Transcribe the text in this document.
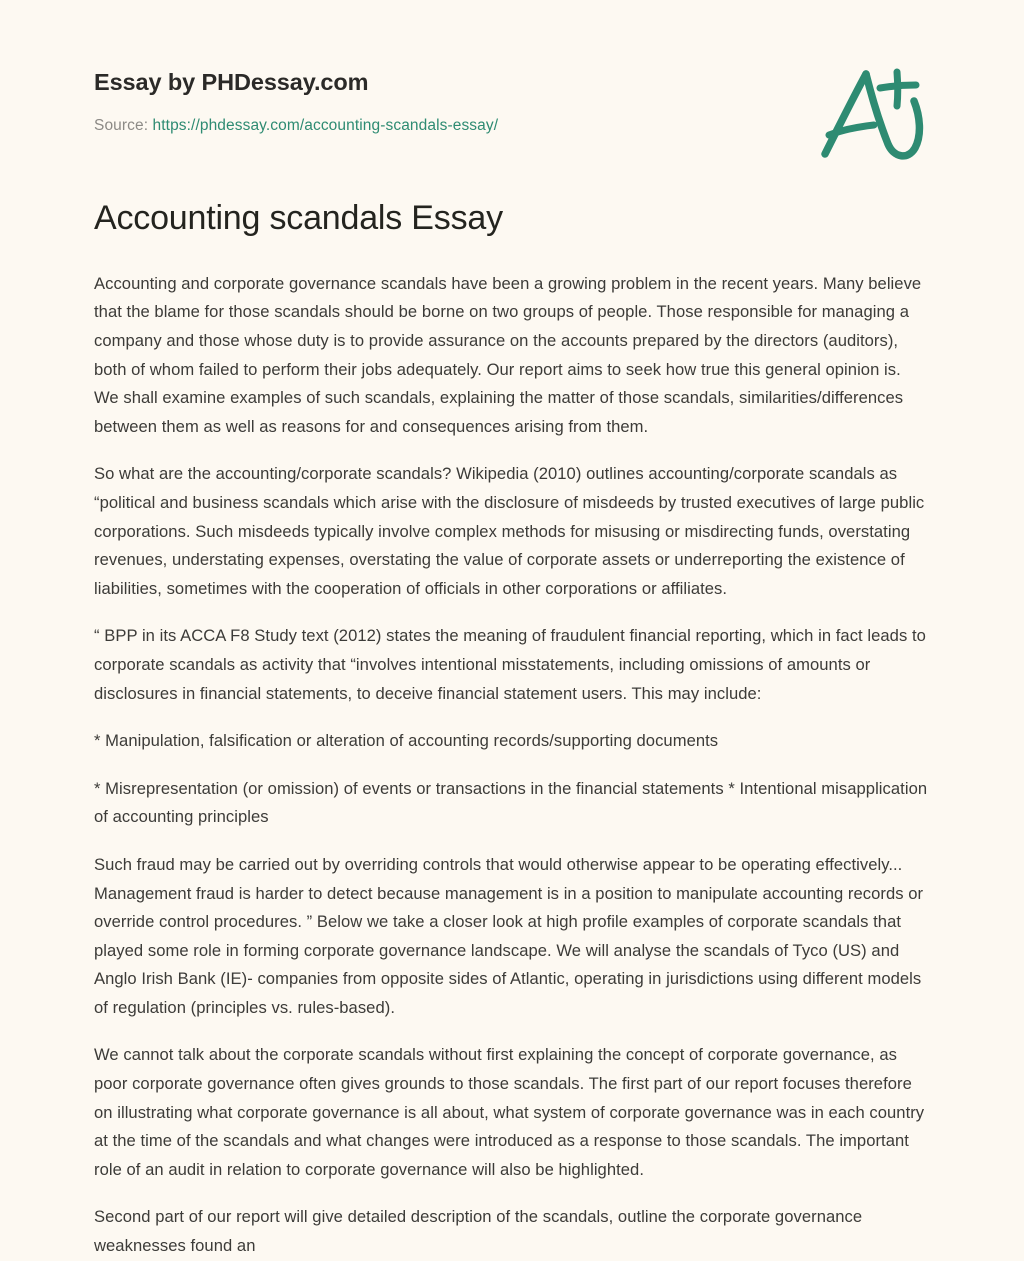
Essay by PHDessay.com
Source: https://phdessay.com/accounting-scandals-essay/
Accounting scandals Essay

Accounting and corporate governance scandals have been a growing problem in the recent years. Many believe that the blame for those scandals should be borne on two groups of people. Those responsible for managing a company and those whose duty is to provide assurance on the accounts prepared by the directors (auditors), both of whom failed to perform their jobs adequately. Our report aims to seek how true this general opinion is. We shall examine examples of such scandals, explaining the matter of those scandals, similarities/differences between them as well as reasons for and consequences arising from them.

So what are the accounting/corporate scandals? Wikipedia (2010) outlines accounting/corporate scandals as “political and business scandals which arise with the disclosure of misdeeds by trusted executives of large public corporations. Such misdeeds typically involve complex methods for misusing or misdirecting funds, overstating revenues, understating expenses, overstating the value of corporate assets or underreporting the existence of liabilities, sometimes with the cooperation of officials in other corporations or affiliates.

“ BPP in its ACCA F8 Study text (2012) states the meaning of fraudulent financial reporting, which in fact leads to corporate scandals as activity that “involves intentional misstatements, including omissions of amounts or disclosures in financial statements, to deceive financial statement users. This may include:

* Manipulation, falsification or alteration of accounting records/supporting documents

* Misrepresentation (or omission) of events or transactions in the financial statements * Intentional misapplication of accounting principles

Such fraud may be carried out by overriding controls that would otherwise appear to be operating effectively... Management fraud is harder to detect because management is in a position to manipulate accounting records or override control procedures. ” Below we take a closer look at high profile examples of corporate scandals that played some role in forming corporate governance landscape. We will analyse the scandals of Tyco (US) and Anglo Irish Bank (IE)- companies from opposite sides of Atlantic, operating in jurisdictions using different models of regulation (principles vs. rules-based).

We cannot talk about the corporate scandals without first explaining the concept of corporate governance, as poor corporate governance often gives grounds to those scandals. The first part of our report focuses therefore on illustrating what corporate governance is all about, what system of corporate governance was in each country at the time of the scandals and what changes were introduced as a response to those scandals. The important role of an audit in relation to corporate governance will also be highlighted.

Second part of our report will give detailed description of the scandals, outline the corporate governance weaknesses found an
